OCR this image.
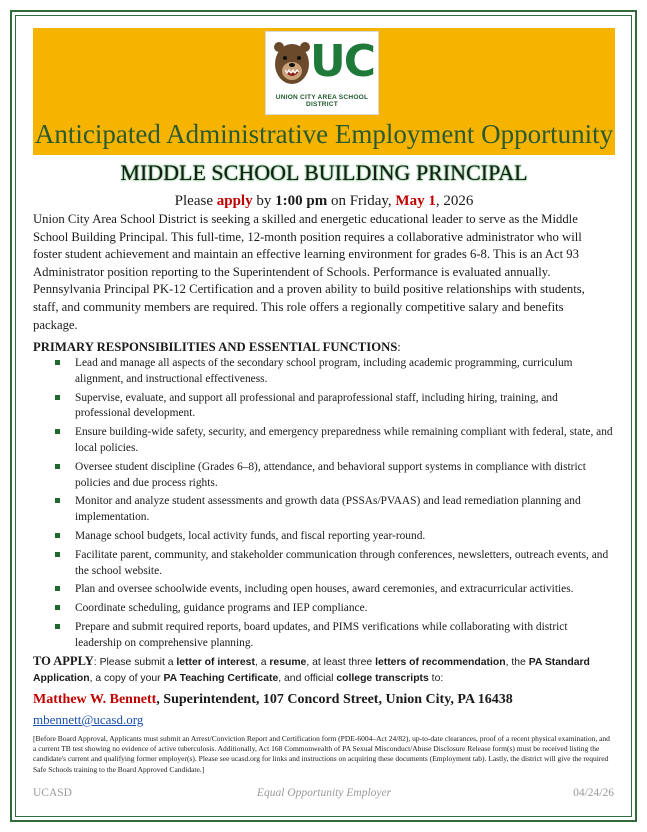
UC
UNION CITY AREA SCHOOL DISTRICT
Anticipated Administrative Employment Opportunity
MIDDLE SCHOOL BUILDING PRINCIPAL
Please apply by 1:00 pm on Friday, May 1, 2026
Union City Area School District is seeking a skilled and energetic educational leader to serve as the Middle School Building Principal. This full-time, 12-month position requires a collaborative administrator who will foster student achievement and maintain an effective learning environment for grades 6-8. This is an Act 93 Administrator position reporting to the Superintendent of Schools. Performance is evaluated annually. Pennsylvania Principal PK-12 Certification and a proven ability to build positive relationships with students, staff, and community members are required. This role offers a regionally competitive salary and benefits package.
PRIMARY RESPONSIBILITIES AND ESSENTIAL FUNCTIONS:
Lead and manage all aspects of the secondary school program, including academic programming, curriculum alignment, and instructional effectiveness.
Supervise, evaluate, and support all professional and paraprofessional staff, including hiring, training, and professional development.
Ensure building-wide safety, security, and emergency preparedness while remaining compliant with federal, state, and local policies.
Oversee student discipline (Grades 6–8), attendance, and behavioral support systems in compliance with district policies and due process rights.
Monitor and analyze student assessments and growth data (PSSAs/PVAAS) and lead remediation planning and implementation.
Manage school budgets, local activity funds, and fiscal reporting year-round.
Facilitate parent, community, and stakeholder communication through conferences, newsletters, outreach events, and the school website.
Plan and oversee schoolwide events, including open houses, award ceremonies, and extracurricular activities.
Coordinate scheduling, guidance programs and IEP compliance.
Prepare and submit required reports, board updates, and PIMS verifications while collaborating with district leadership on comprehensive planning.
TO APPLY: Please submit a letter of interest, a resume, at least three letters of recommendation, the PA Standard Application, a copy of your PA Teaching Certificate, and official college transcripts to:
Matthew W. Bennett, Superintendent, 107 Concord Street, Union City, PA 16438
mbennett@ucasd.org
[Before Board Approval, Applicants must submit an Arrest/Conviction Report and Certification form (PDE-6004–Act 24/82), up-to-date clearances, proof of a recent physical examination, and a current TB test showing no evidence of active tuberculosis. Additionally, Act 168 Commonwealth of PA Sexual Misconduct/Abuse Disclosure Release form(s) must be received listing the candidate's current and qualifying former employer(s). Please see ucasd.org for links and instructions on acquiring these documents (Employment tab). Lastly, the district will give the required Safe Schools training to the Board Approved Candidate.]
UCASD	Equal Opportunity Employer	04/24/26
